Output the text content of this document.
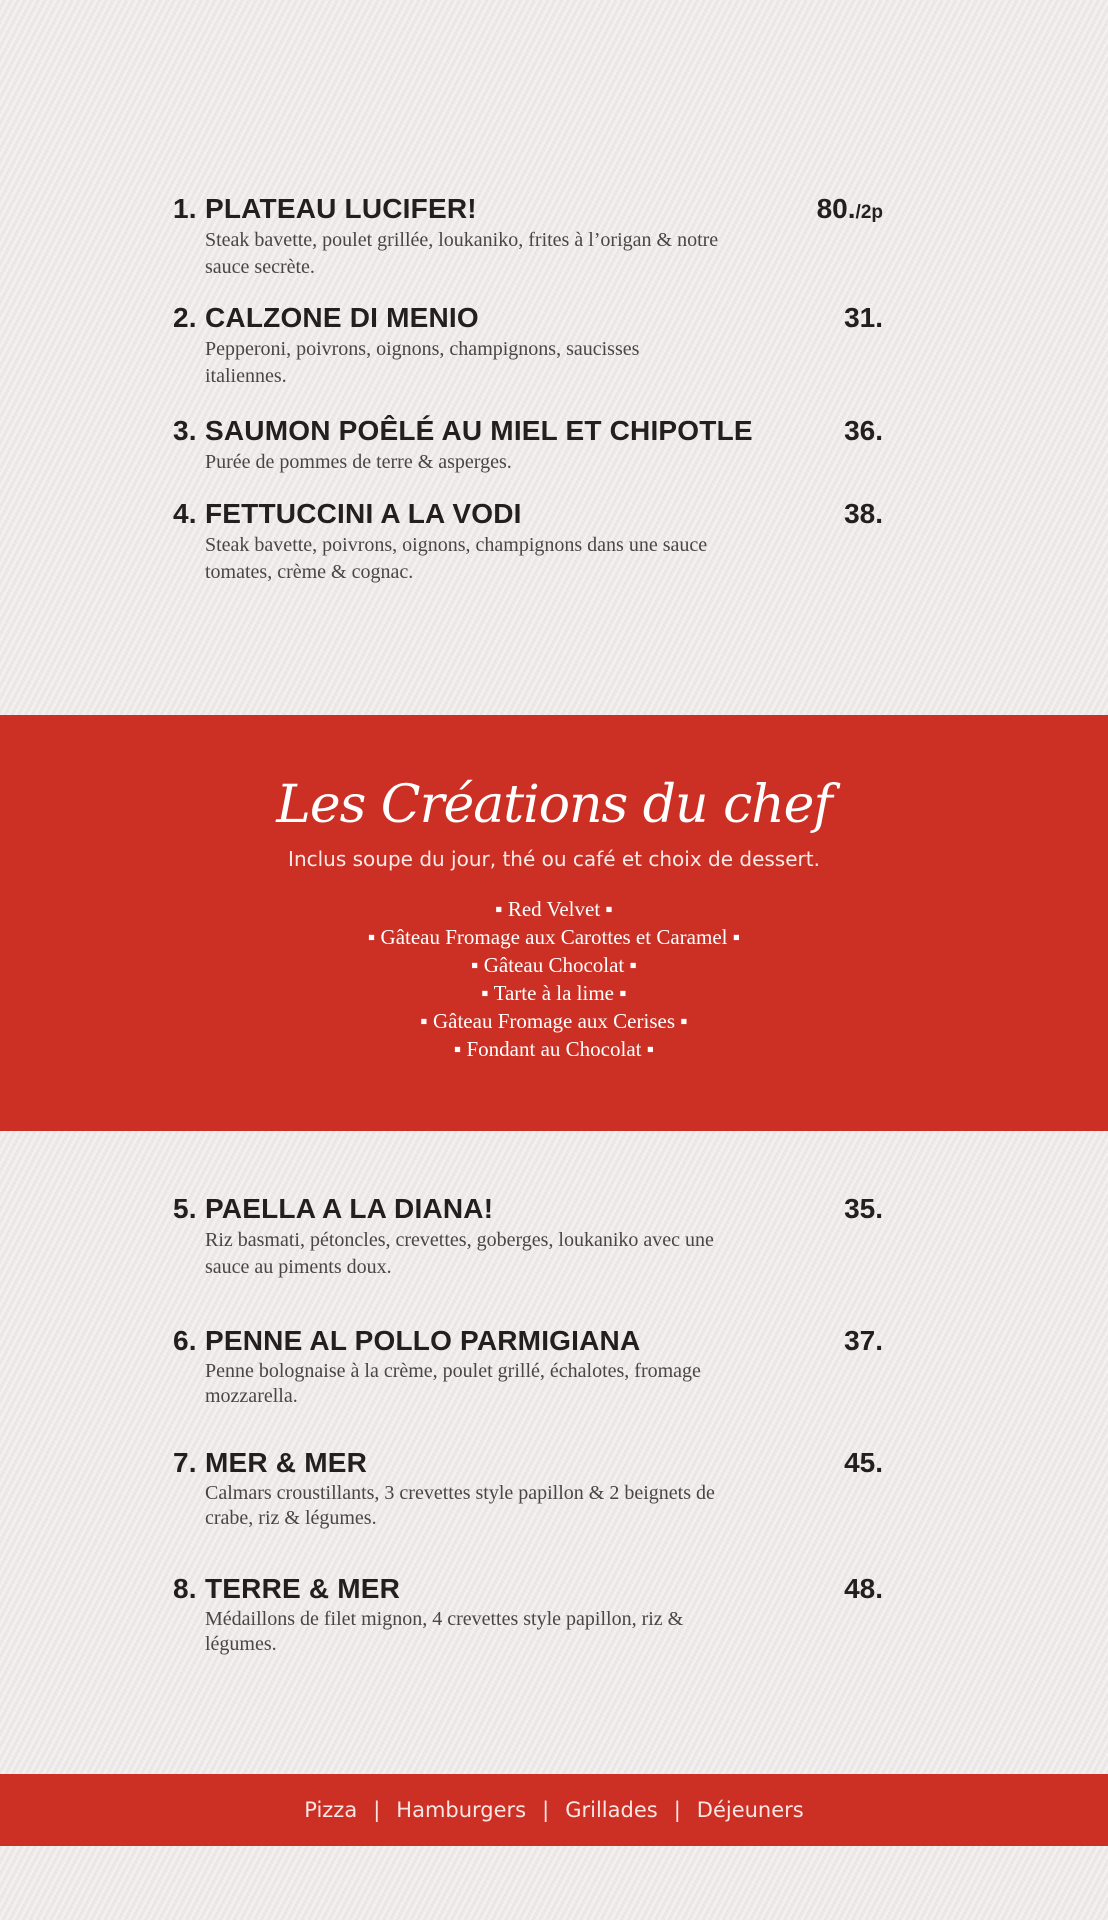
1. PLATEAU LUCIFER!	80./2p
Steak bavette, poulet grillée, loukaniko, frites à l’origan & notre sauce secrète.
2. CALZONE DI MENIO	31.
Pepperoni, poivrons, oignons, champignons, saucisses italiennes.
3. SAUMON POÊLÉ AU MIEL ET CHIPOTLE	36.
Purée de pommes de terre & asperges.
4. FETTUCCINI A LA VODI	38.
Steak bavette, poivrons, oignons, champignons dans une sauce tomates, crème & cognac.
Les Créations du chef
Inclus soupe du jour, thé ou café et choix de dessert.
▪ Red Velvet ▪
▪ Gâteau Fromage aux Carottes et Caramel ▪
▪ Gâteau Chocolat ▪
▪ Tarte à la lime ▪
▪ Gâteau Fromage aux Cerises ▪
▪ Fondant au Chocolat ▪
5. PAELLA A LA DIANA!	35.
Riz basmati, pétoncles, crevettes, goberges, loukaniko avec une sauce au piments doux.
6. PENNE AL POLLO PARMIGIANA	37.
Penne bolognaise à la crème, poulet grillé, échalotes, fromage mozzarella.
7. MER & MER	45.
Calmars croustillants, 3 crevettes style papillon & 2 beignets de crabe, riz & légumes.
8. TERRE & MER	48.
Médaillons de filet mignon, 4 crevettes style papillon, riz & légumes.
Pizza | Hamburgers | Grillades | Déjeuners
